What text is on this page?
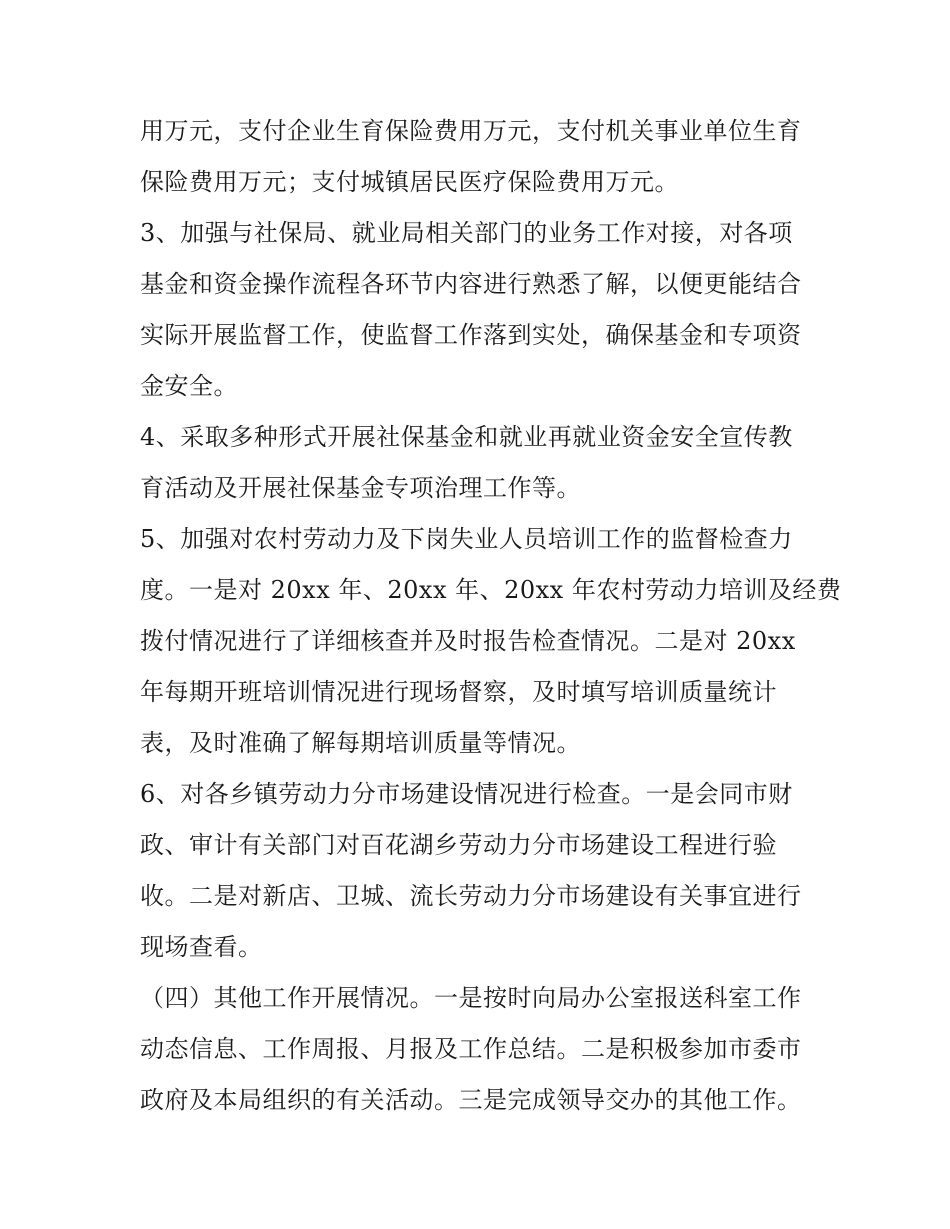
用万元，支付企业生育保险费用万元，支付机关事业单位生育
保险费用万元；支付城镇居民医疗保险费用万元。
3、加强与社保局、就业局相关部门的业务工作对接，对各项
基金和资金操作流程各环节内容进行熟悉了解，以便更能结合
实际开展监督工作，使监督工作落到实处，确保基金和专项资
金安全。
4、采取多种形式开展社保基金和就业再就业资金安全宣传教
育活动及开展社保基金专项治理工作等。
5、加强对农村劳动力及下岗失业人员培训工作的监督检查力
度。一是对 20xx 年、20xx 年、20xx 年农村劳动力培训及经费
拨付情况进行了详细核查并及时报告检查情况。二是对 20xx
年每期开班培训情况进行现场督察，及时填写培训质量统计
表，及时准确了解每期培训质量等情况。
6、对各乡镇劳动力分市场建设情况进行检查。一是会同市财
政、审计有关部门对百花湖乡劳动力分市场建设工程进行验
收。二是对新店、卫城、流长劳动力分市场建设有关事宜进行
现场查看。
（四）其他工作开展情况。一是按时向局办公室报送科室工作
动态信息、工作周报、月报及工作总结。二是积极参加市委市
政府及本局组织的有关活动。三是完成领导交办的其他工作。
